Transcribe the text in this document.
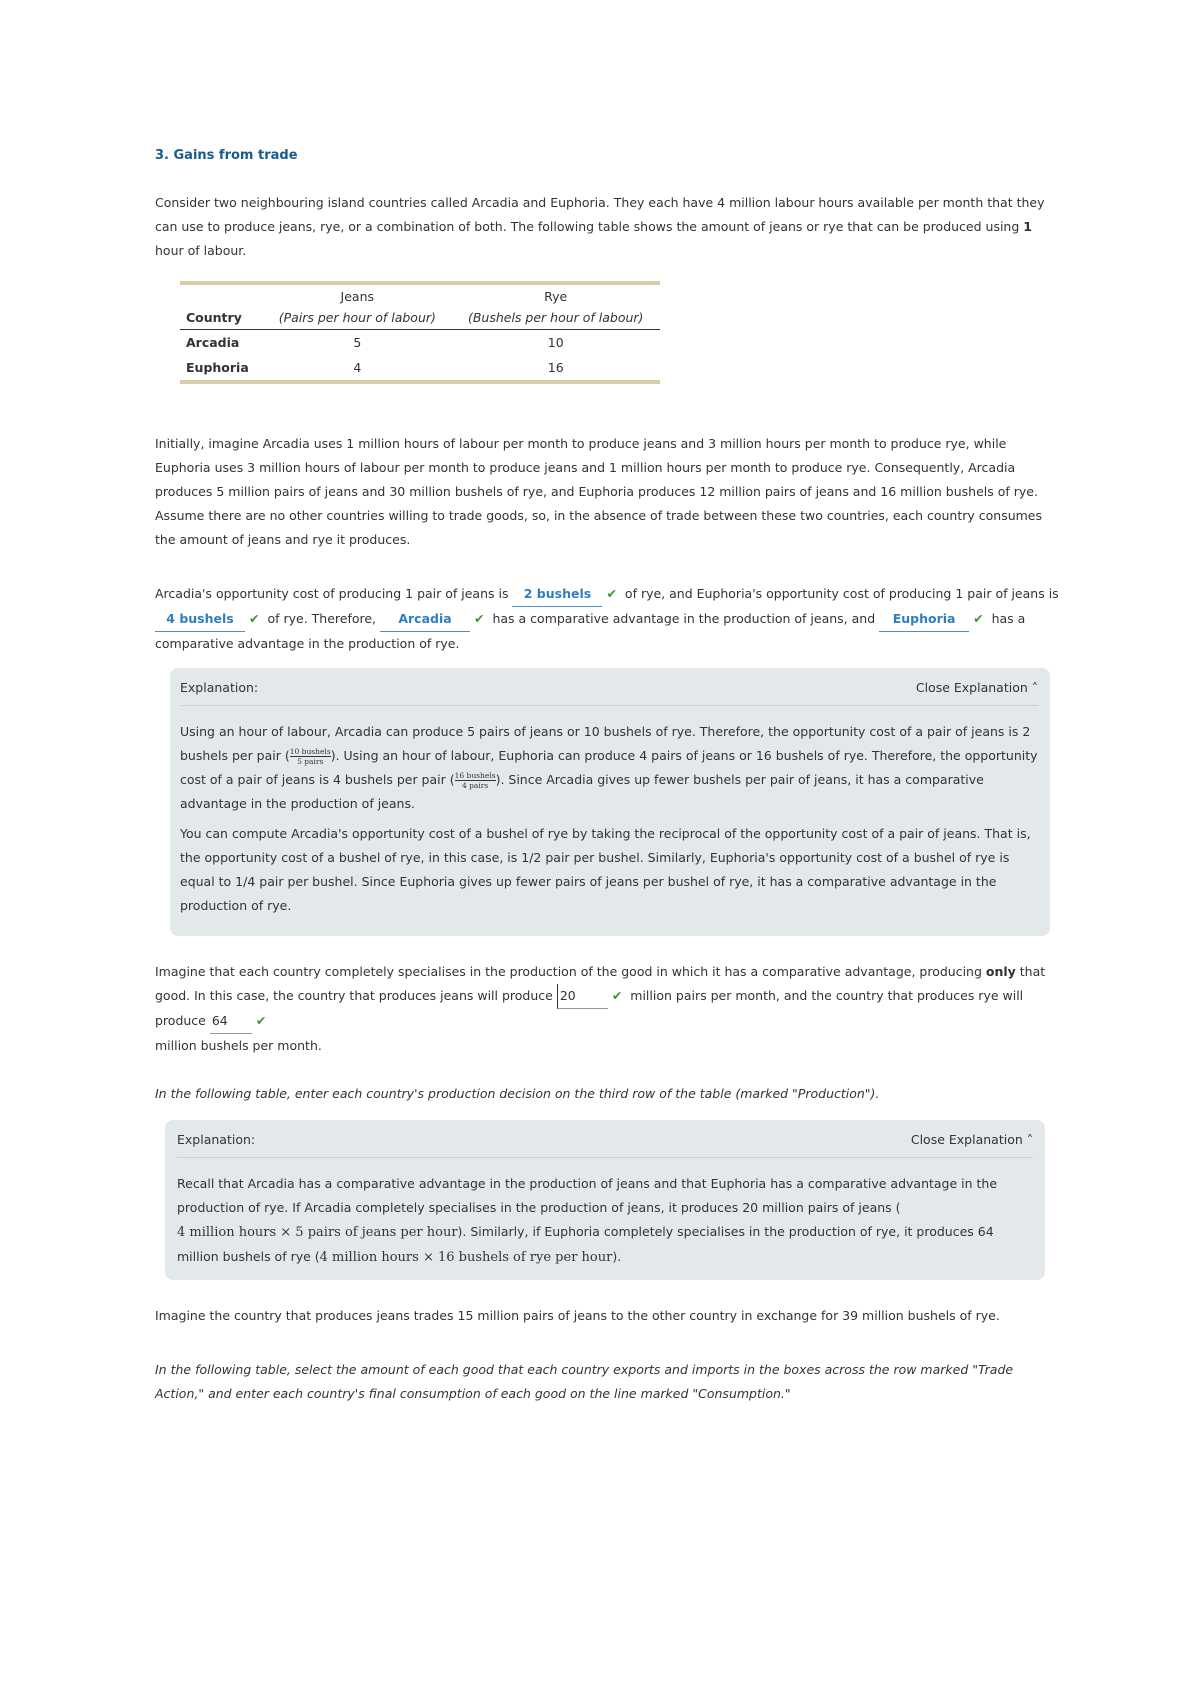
3. Gains from trade

Consider two neighbouring island countries called Arcadia and Euphoria. They each have 4 million labour hours available per month that they can use to produce jeans, rye, or a combination of both. The following table shows the amount of jeans or rye that can be produced using 1 hour of labour.

	Jeans	Rye
Country	(Pairs per hour of labour)	(Bushels per hour of labour)
Arcadia	5	10
Euphoria	4	16

Initially, imagine Arcadia uses 1 million hours of labour per month to produce jeans and 3 million hours per month to produce rye, while Euphoria uses 3 million hours of labour per month to produce jeans and 1 million hours per month to produce rye. Consequently, Arcadia produces 5 million pairs of jeans and 30 million bushels of rye, and Euphoria produces 12 million pairs of jeans and 16 million bushels of rye. Assume there are no other countries willing to trade goods, so, in the absence of trade between these two countries, each country consumes the amount of jeans and rye it produces.

Arcadia's opportunity cost of producing 1 pair of jeans is 2 bushels ✔ of rye, and Euphoria's opportunity cost of producing 1 pair of jeans is 4 bushels ✔ of rye. Therefore, Arcadia ✔ has a comparative advantage in the production of jeans, and Euphoria ✔ has a comparative advantage in the production of rye.

Explanation:	Close Explanation ˄

Using an hour of labour, Arcadia can produce 5 pairs of jeans or 10 bushels of rye. Therefore, the opportunity cost of a pair of jeans is 2 bushels per pair ( $\frac{\text{10 bushels}}{\text{5 pairs}}$ ). Using an hour of labour, Euphoria can produce 4 pairs of jeans or 16 bushels of rye. Therefore, the opportunity cost of a pair of jeans is 4 bushels per pair ( $\frac{\text{16 bushels}}{\text{4 pairs}}$ ). Since Arcadia gives up fewer bushels per pair of jeans, it has a comparative advantage in the production of jeans.

You can compute Arcadia's opportunity cost of a bushel of rye by taking the reciprocal of the opportunity cost of a pair of jeans. That is, the opportunity cost of a bushel of rye, in this case, is 1/2 pair per bushel. Similarly, Euphoria's opportunity cost of a bushel of rye is equal to 1/4 pair per bushel. Since Euphoria gives up fewer pairs of jeans per bushel of rye, it has a comparative advantage in the production of rye.

Imagine that each country completely specialises in the production of the good in which it has a comparative advantage, producing only that good. In this case, the country that produces jeans will produce 20	✔ million pairs per month, and the country that produces rye will produce 64 ✔
million bushels per month.

In the following table, enter each country's production decision on the third row of the table (marked "Production").

Explanation:	Close Explanation ˄

Recall that Arcadia has a comparative advantage in the production of jeans and that Euphoria has a comparative advantage in the production of rye. If Arcadia completely specialises in the production of jeans, it produces 20 million pairs of jeans (
4 million hours × 5 pairs of jeans per hour). Similarly, if Euphoria completely specialises in the production of rye, it produces 64 million bushels of rye (4 million hours × 16 bushels of rye per hour).

Imagine the country that produces jeans trades 15 million pairs of jeans to the other country in exchange for 39 million bushels of rye.

In the following table, select the amount of each good that each country exports and imports in the boxes across the row marked "Trade Action," and enter each country's final consumption of each good on the line marked "Consumption."
